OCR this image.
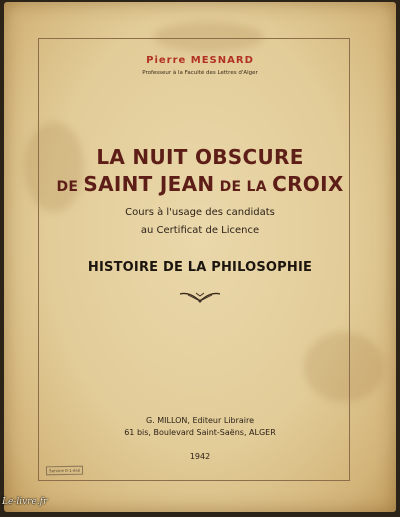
Pierre MESNARD
Professeur à la Faculté des Lettres d'Alger
LA NUIT OBSCURE
DE SAINT JEAN DE LA CROIX
Cours à l'usage des candidats
au Certificat de Licence
HISTOIRE DE LA PHILOSOPHIE
G. MILLON, Editeur Libraire
61 bis, Boulevard Saint-Saëns, ALGER
1942
Service 0-1-ésé
Le-livre.fr
